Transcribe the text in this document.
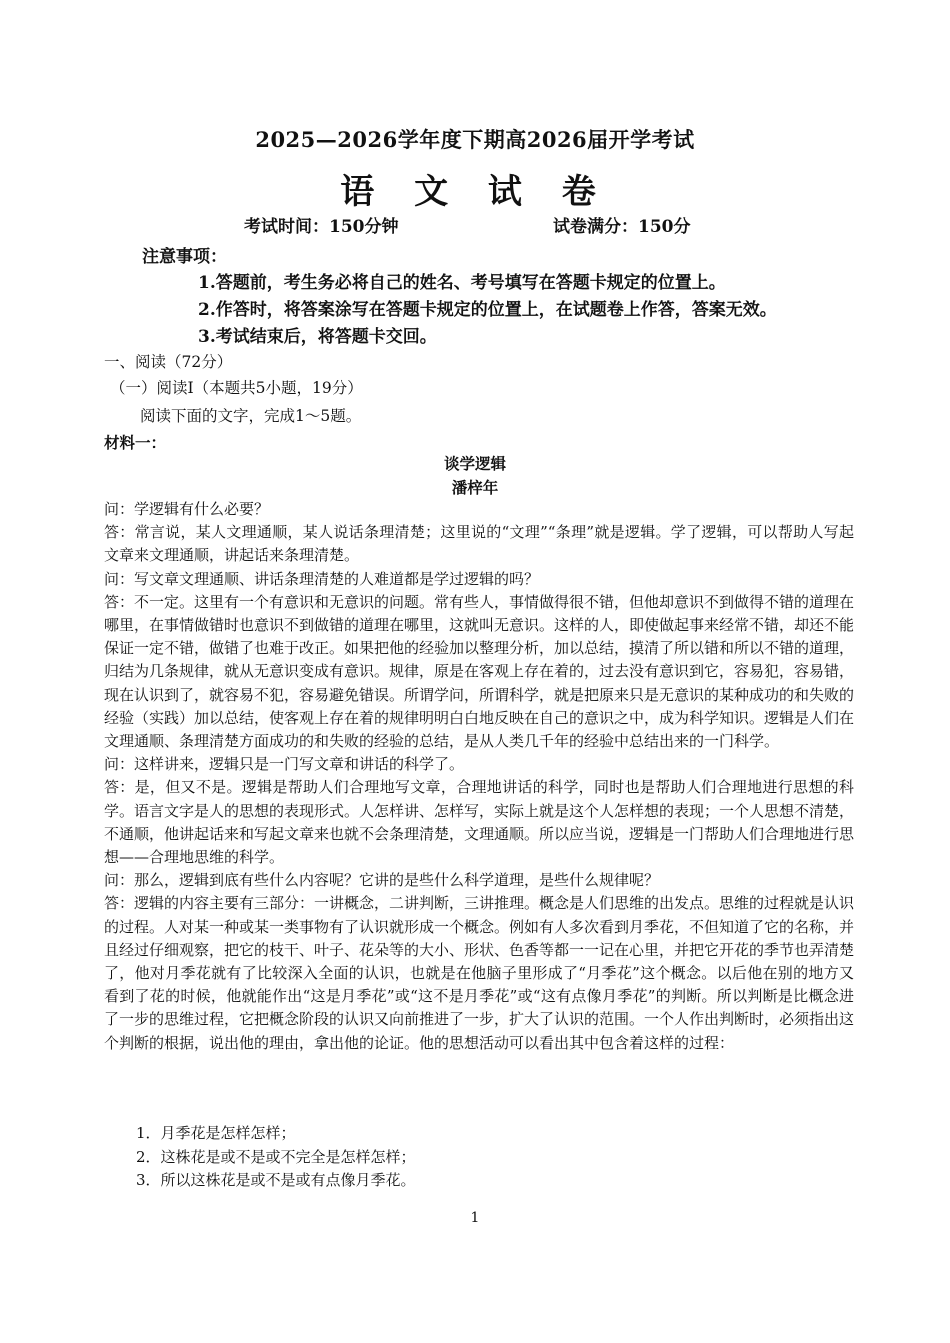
2025—2026学年度下期高2026届开学考试
语 文 试 卷
考试时间：150分钟	试卷满分：150分
注意事项：
1.答题前，考生务必将自己的姓名、考号填写在答题卡规定的位置上。
2.作答时，将答案涂写在答题卡规定的位置上，在试题卷上作答，答案无效。
3.考试结束后，将答题卡交回。
一、阅读（72分）
（一）阅读Ⅰ（本题共5小题，19分）
阅读下面的文字，完成1～5题。
材料一：
谈学逻辑
潘梓年

问：学逻辑有什么必要？

答：常言说，某人文理通顺，某人说话条理清楚；这里说的“文理”“条理”就是逻辑。学了逻辑，可以帮助人写起文章来文理通顺，讲起话来条理清楚。

问：写文章文理通顺、讲话条理清楚的人难道都是学过逻辑的吗？

答：不一定。这里有一个有意识和无意识的问题。常有些人，事情做得很不错，但他却意识不到做得不错的道理在哪里，在事情做错时也意识不到做错的道理在哪里，这就叫无意识。这样的人，即使做起事来经常不错，却还不能保证一定不错，做错了也难于改正。如果把他的经验加以整理分析，加以总结，摸清了所以错和所以不错的道理，归结为几条规律，就从无意识变成有意识。规律，原是在客观上存在着的，过去没有意识到它，容易犯，容易错，现在认识到了，就容易不犯，容易避免错误。所谓学问，所谓科学，就是把原来只是无意识的某种成功的和失败的经验（实践）加以总结，使客观上存在着的规律明明白白地反映在自己的意识之中，成为科学知识。逻辑是人们在文理通顺、条理清楚方面成功的和失败的经验的总结，是从人类几千年的经验中总结出来的一门科学。

问：这样讲来，逻辑只是一门写文章和讲话的科学了。

答：是，但又不是。逻辑是帮助人们合理地写文章，合理地讲话的科学，同时也是帮助人们合理地进行思想的科学。语言文字是人的思想的表现形式。人怎样讲、怎样写，实际上就是这个人怎样想的表现；一个人思想不清楚，不通顺，他讲起话来和写起文章来也就不会条理清楚，文理通顺。所以应当说，逻辑是一门帮助人们合理地进行思想——合理地思维的科学。

问：那么，逻辑到底有些什么内容呢？它讲的是些什么科学道理，是些什么规律呢？

答：逻辑的内容主要有三部分：一讲概念，二讲判断，三讲推理。概念是人们思维的出发点。思维的过程就是认识的过程。人对某一种或某一类事物有了认识就形成一个概念。例如有人多次看到月季花，不但知道了它的名称，并且经过仔细观察，把它的枝干、叶子、花朵等的大小、形状、色香等都一一记在心里，并把它开花的季节也弄清楚了，他对月季花就有了比较深入全面的认识，也就是在他脑子里形成了“月季花”这个概念。以后他在别的地方又看到了花的时候，他就能作出“这是月季花”或“这不是月季花”或“这有点像月季花”的判断。所以判断是比概念进了一步的思维过程，它把概念阶段的认识又向前推进了一步，扩大了认识的范围。一个人作出判断时，必须指出这个判断的根据，说出他的理由，拿出他的论证。他的思想活动可以看出其中包含着这样的过程：

1．月季花是怎样怎样；
2．这株花是或不是或不完全是怎样怎样；
3．所以这株花是或不是或有点像月季花。
1
